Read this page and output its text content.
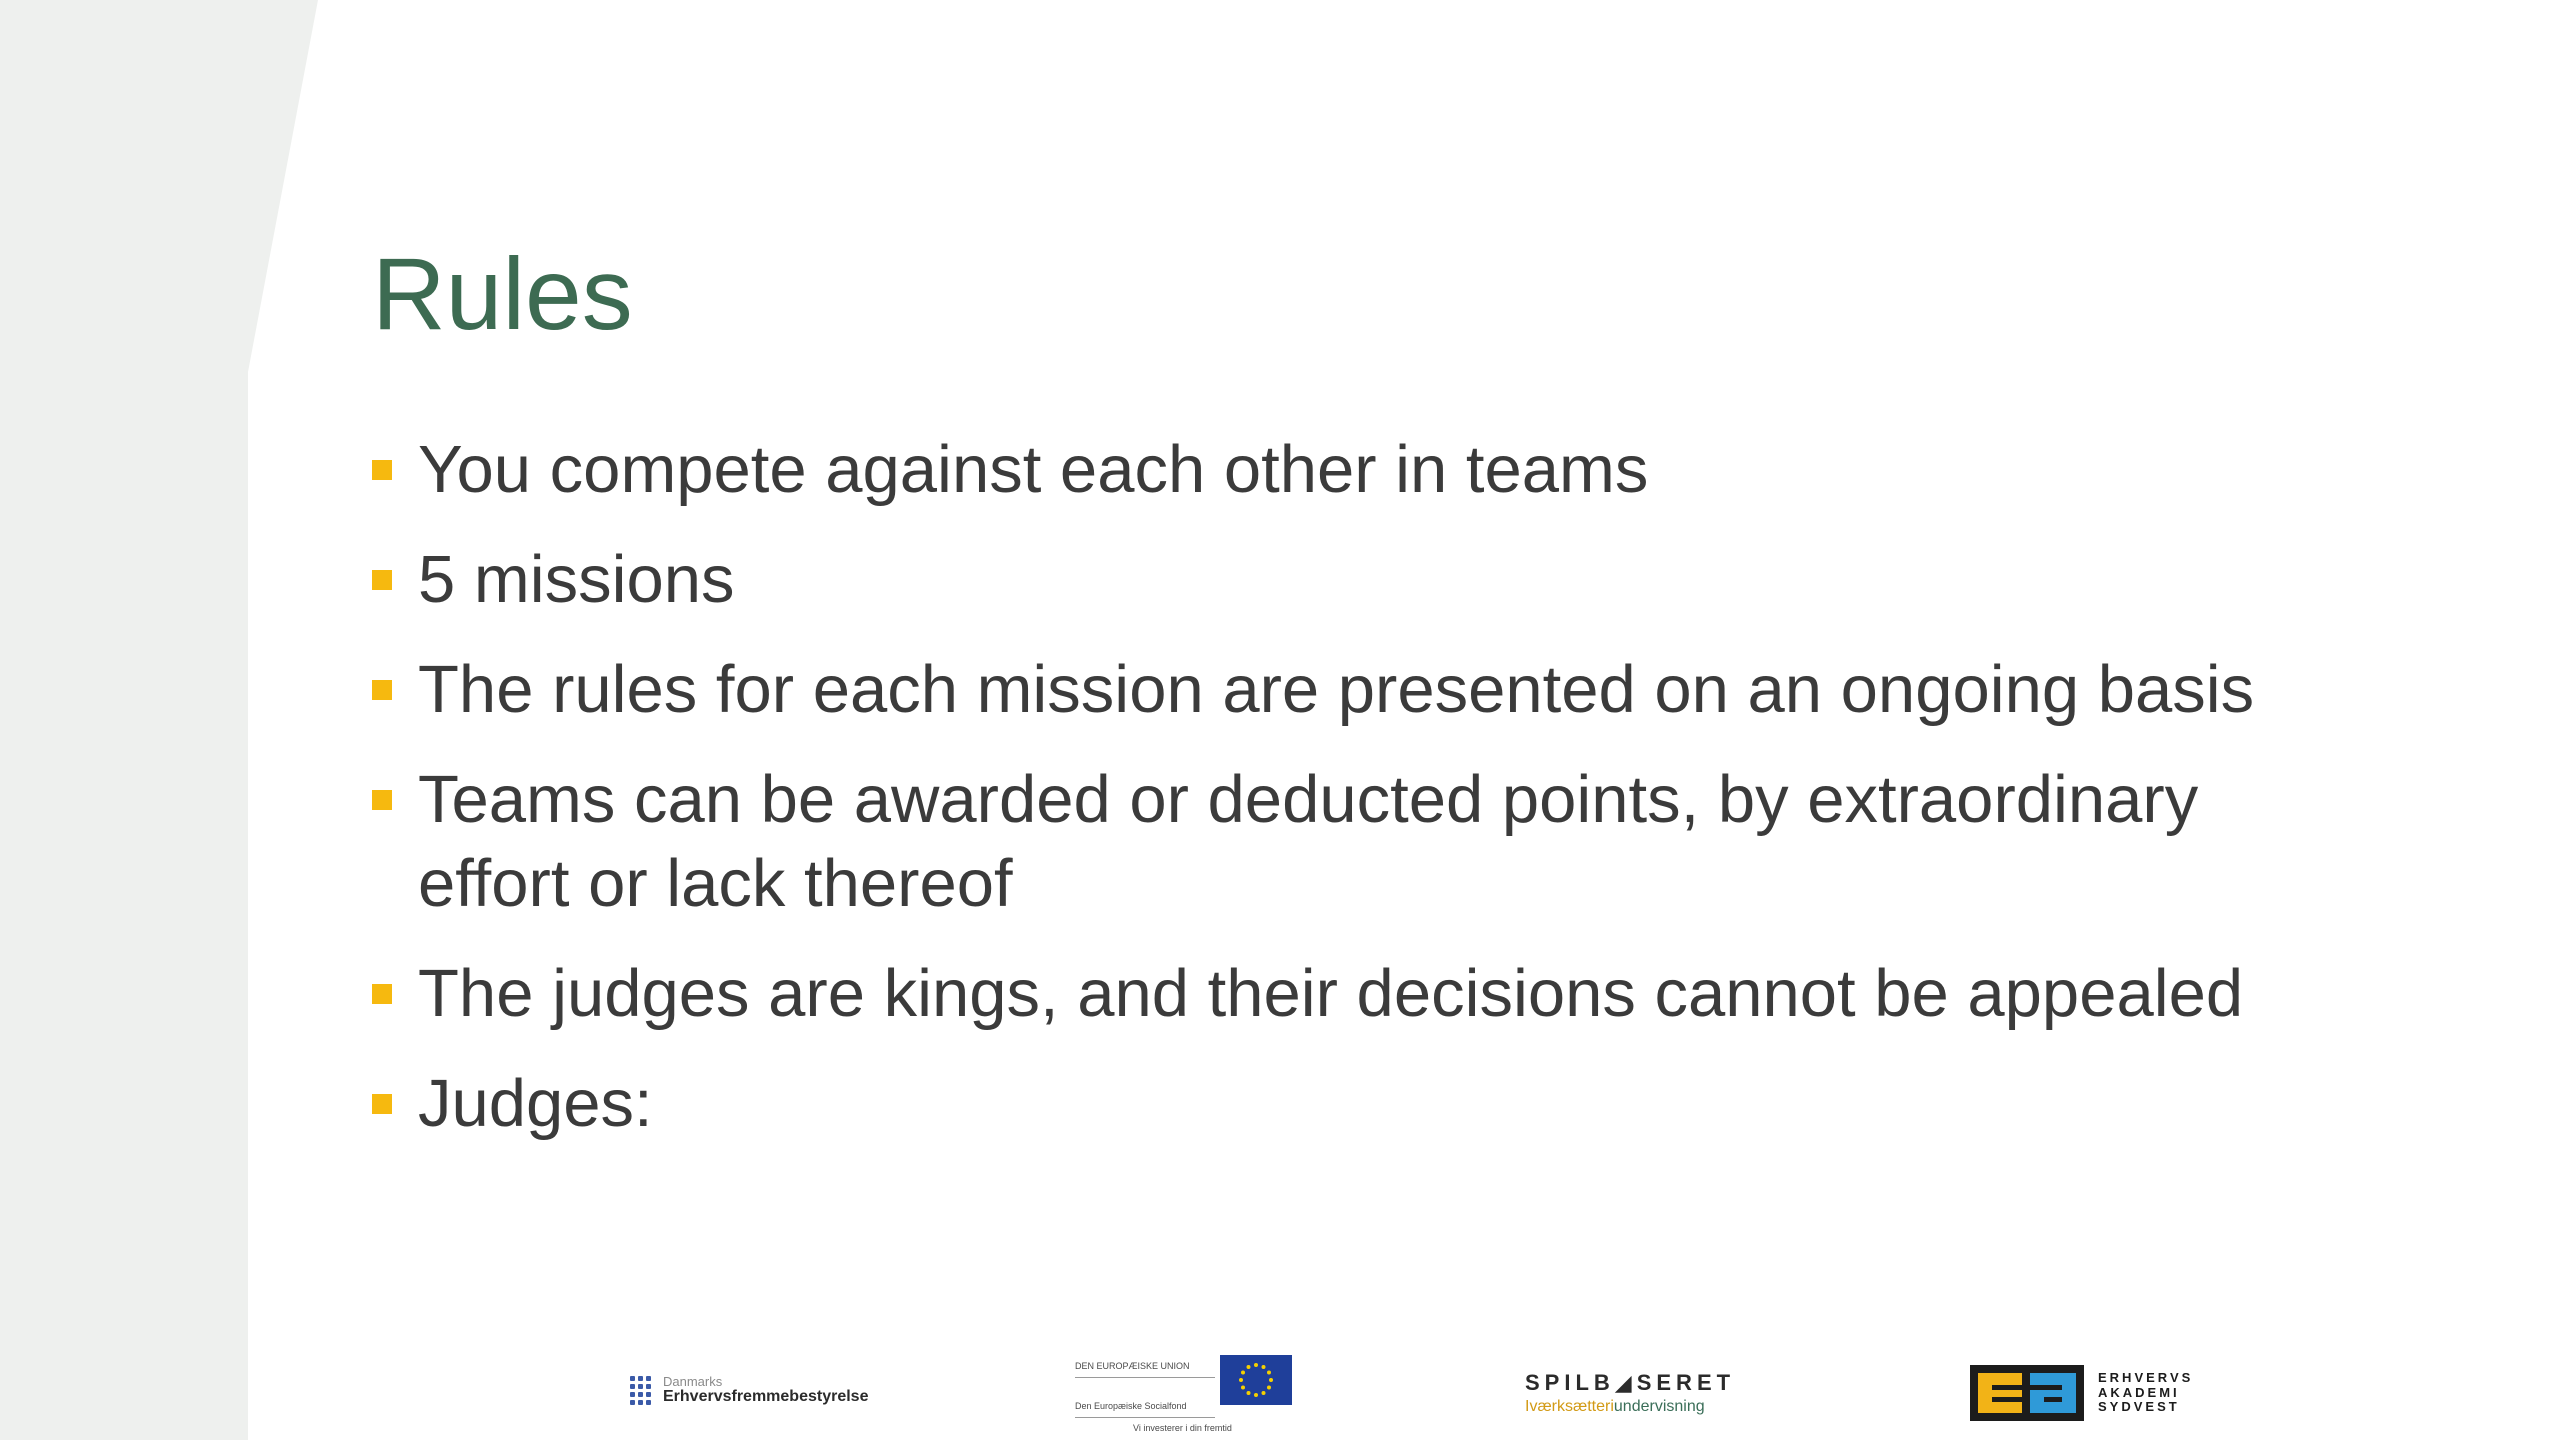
Rules
You compete against each other in teams
5 missions
The rules for each mission are presented on an ongoing basis
Teams can be awarded or deducted points, by extraordinary effort or lack thereof
The judges are kings, and their decisions cannot be appealed
Judges:
Danmarks
Erhvervsfremmebestyrelse
DEN EUROPÆISKE UNION
Den Europæiske Socialfond
Vi investerer i din fremtid
SPILB◢SERET
Iværksætteriundervisning
ERHVERVS
AKADEMI
SYDVEST
